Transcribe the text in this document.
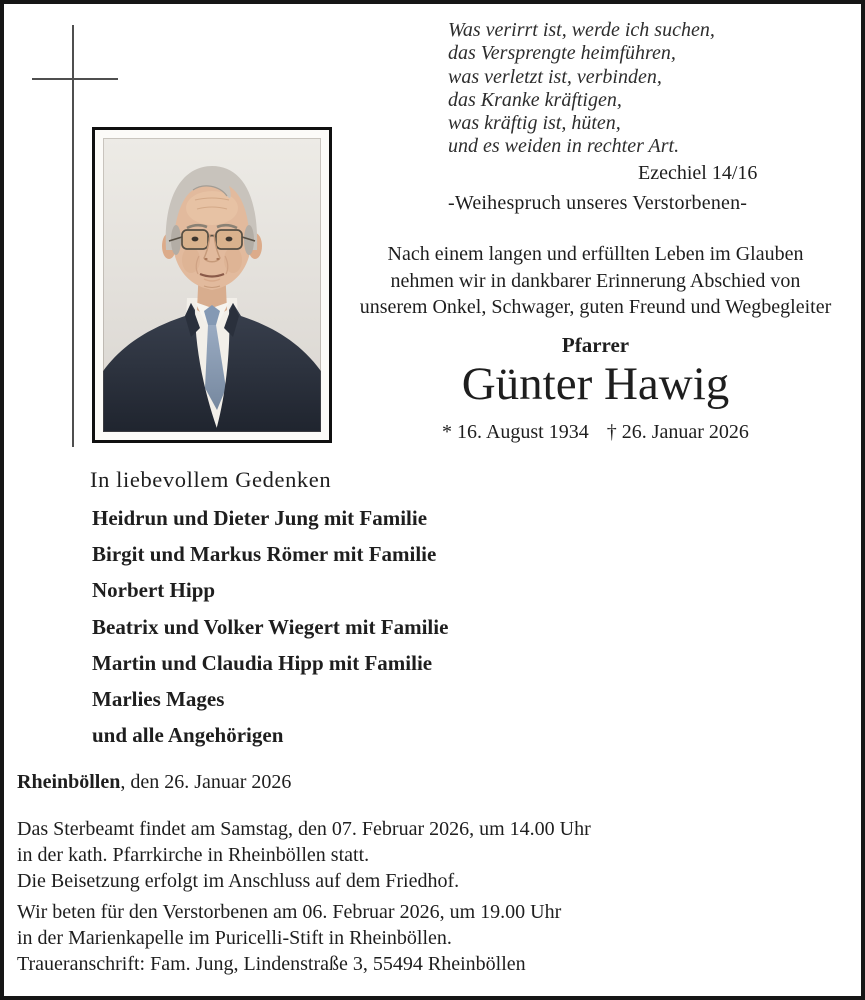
Was verirrt ist, werde ich suchen,
das Versprengte heimführen,
was verletzt ist, verbinden,
das Kranke kräftigen,
was kräftig ist, hüten,
und es weiden in rechter Art.
Ezechiel 14/16
-Weihespruch unseres Verstorbenen-
Nach einem langen und erfüllten Leben im Glauben
nehmen wir in dankbarer Erinnerung Abschied von
unserem Onkel, Schwager, guten Freund und Wegbegleiter
Pfarrer
Günter Hawig
* 16. August 1934 † 26. Januar 2026
In liebevollem Gedenken
Heidrun und Dieter Jung mit Familie
Birgit und Markus Römer mit Familie
Norbert Hipp
Beatrix und Volker Wiegert mit Familie
Martin und Claudia Hipp mit Familie
Marlies Mages
und alle Angehörigen
Rheinböllen, den 26. Januar 2026
Das Sterbeamt findet am Samstag, den 07. Februar 2026, um 14.00 Uhr
in der kath. Pfarrkirche in Rheinböllen statt.
Die Beisetzung erfolgt im Anschluss auf dem Friedhof.
Wir beten für den Verstorbenen am 06. Februar 2026, um 19.00 Uhr
in der Marienkapelle im Puricelli-Stift in Rheinböllen.
Traueranschrift: Fam. Jung, Lindenstraße 3, 55494 Rheinböllen
